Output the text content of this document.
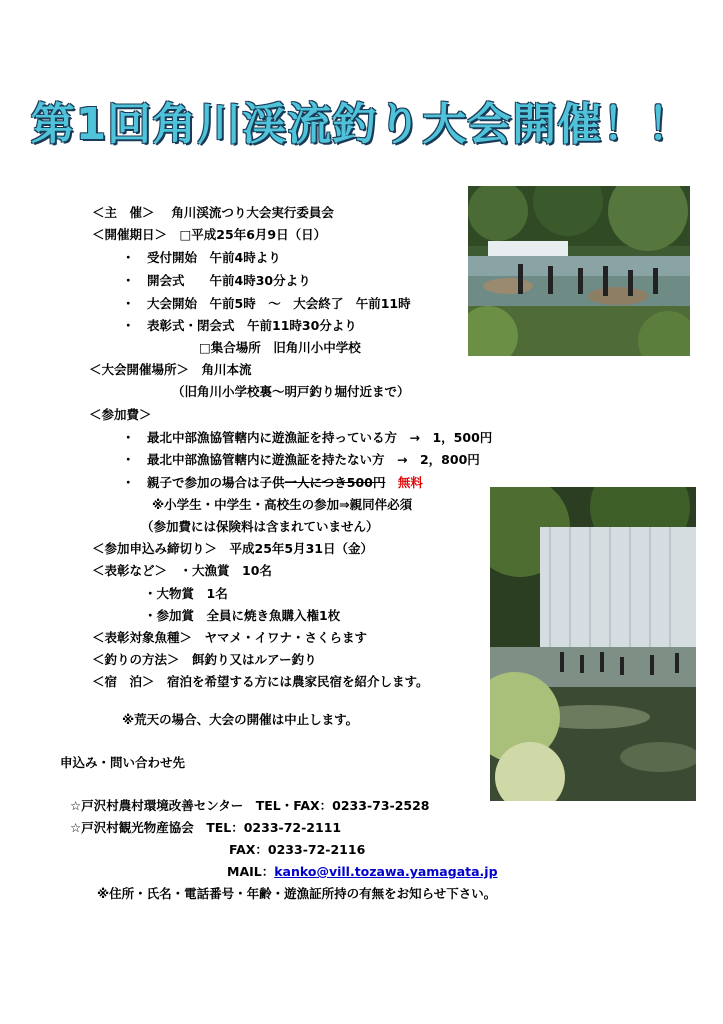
第1回角川渓流釣り大会開催！！
＜主　催＞　 角川渓流つり大会実行委員会
＜開催期日＞　□平成25年6月9日（日）
・　受付開始　午前4時より
・　開会式　　午前4時30分より
・　大会開始　午前5時　～　大会終了　午前11時
・　表彰式・閉会式　午前11時30分より
□集合場所　旧角川小中学校
＜大会開催場所＞　角川本流
（旧角川小学校裏～明戸釣り堀付近まで）
＜参加費＞
・　最北中部漁協管轄内に遊漁証を持っている方　→　1，500円
・　最北中部漁協管轄内に遊漁証を持たない方　→　2，800円
・　親子で参加の場合は子供一人につき500円　 無料
※小学生・中学生・高校生の参加⇒親同伴必須
（参加費には保険料は含まれていません）
＜参加申込み締切り＞　平成25年5月31日（金）
＜表彰など＞　・大漁賞　10名
・大物賞　1名
・参加賞　全員に焼き魚購入権1枚
＜表彰対象魚種＞　ヤマメ・イワナ・さくらます
＜釣りの方法＞　餌釣り又はルアー釣り
＜宿　泊＞　宿泊を希望する方には農家民宿を紹介します。
※荒天の場合、大会の開催は中止します。
申込み・問い合わせ先
☆戸沢村農村環境改善センター　TEL・FAX：0233-73-2528
☆戸沢村観光物産協会　TEL：0233-72-2111
FAX：0233-72-2116
MAIL：kanko@vill.tozawa.yamagata.jp
※住所・氏名・電話番号・年齢・遊漁証所持の有無をお知らせ下さい。
